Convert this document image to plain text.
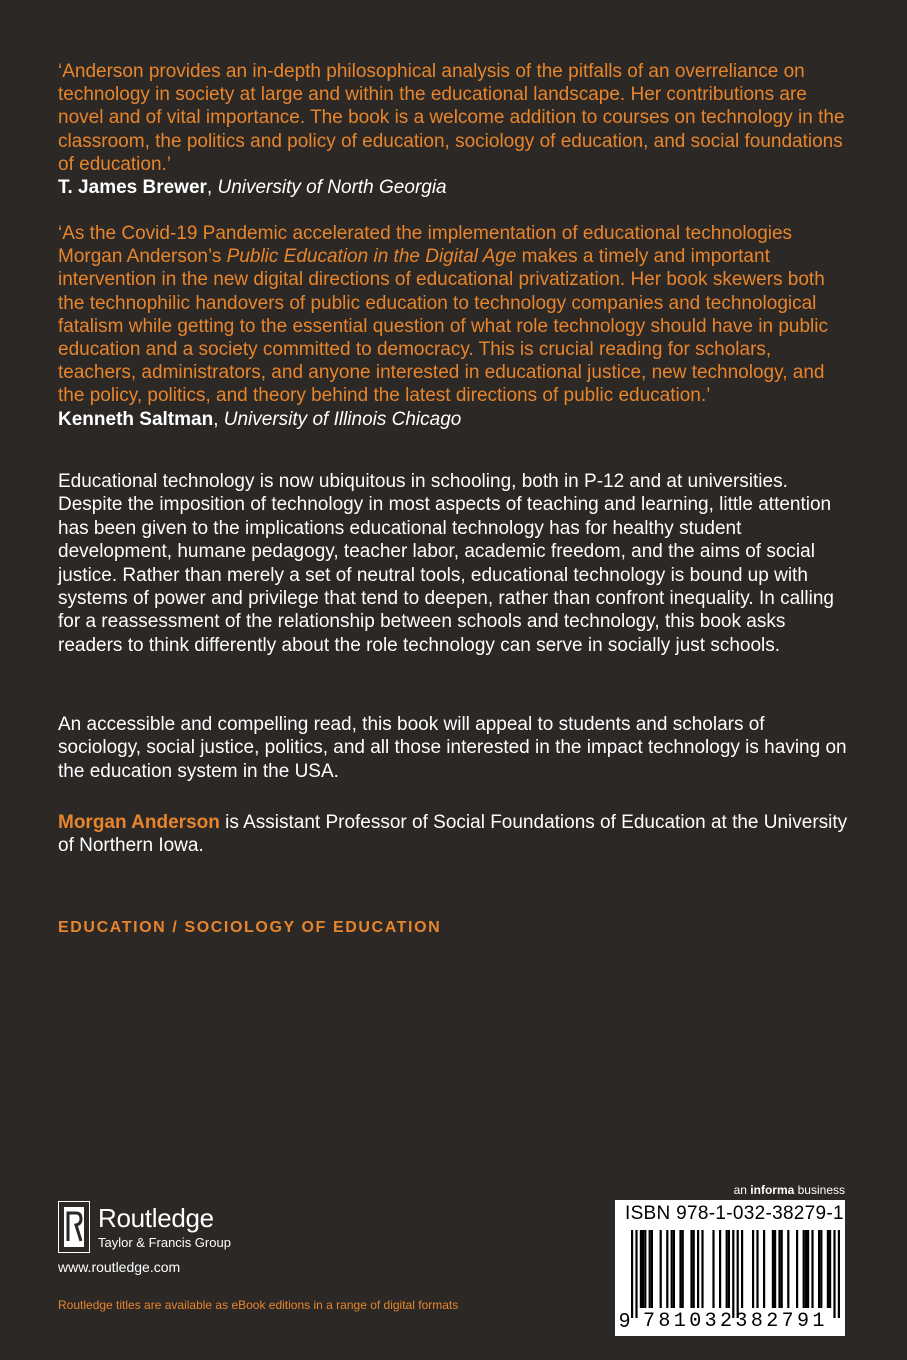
‘Anderson provides an in-depth philosophical analysis of the pitfalls of an overreliance on technology in society at large and within the educational landscape. Her contributions are novel and of vital importance. The book is a welcome addition to courses on technology in the classroom, the politics and policy of education, sociology of education, and social foundations of education.’

T. James Brewer, University of North Georgia

‘As the Covid-19 Pandemic accelerated the implementation of educational technologies Morgan Anderson’s Public Education in the Digital Age makes a timely and important intervention in the new digital directions of educational privatization. Her book skewers both the technophilic handovers of public education to technology companies and technological fatalism while getting to the essential question of what role technology should have in public education and a society committed to democracy. This is crucial reading for scholars, teachers, administrators, and anyone interested in educational justice, new technology, and the policy, politics, and theory behind the latest directions of public education.’

Kenneth Saltman, University of Illinois Chicago

Educational technology is now ubiquitous in schooling, both in P-12 and at universities. Despite the imposition of technology in most aspects of teaching and learning, little attention has been given to the implications educational technology has for healthy student development, humane pedagogy, teacher labor, academic freedom, and the aims of social justice. Rather than merely a set of neutral tools, educational technology is bound up with systems of power and privilege that tend to deepen, rather than confront inequality. In calling for a reassessment of the relationship between schools and technology, this book asks readers to think differently about the role technology can serve in socially just schools.

An accessible and compelling read, this book will appeal to students and scholars of sociology, social justice, politics, and all those interested in the impact technology is having on the education system in the USA.

Morgan Anderson is Assistant Professor of Social Foundations of Education at the University of Northern Iowa.

EDUCATION / SOCIOLOGY OF EDUCATION
Routledge
Taylor & Francis Group
www.routledge.com
Routledge titles are available as eBook editions in a range of digital formats
an informa business
ISBN 978-1-032-38279-1
9 781032382791
